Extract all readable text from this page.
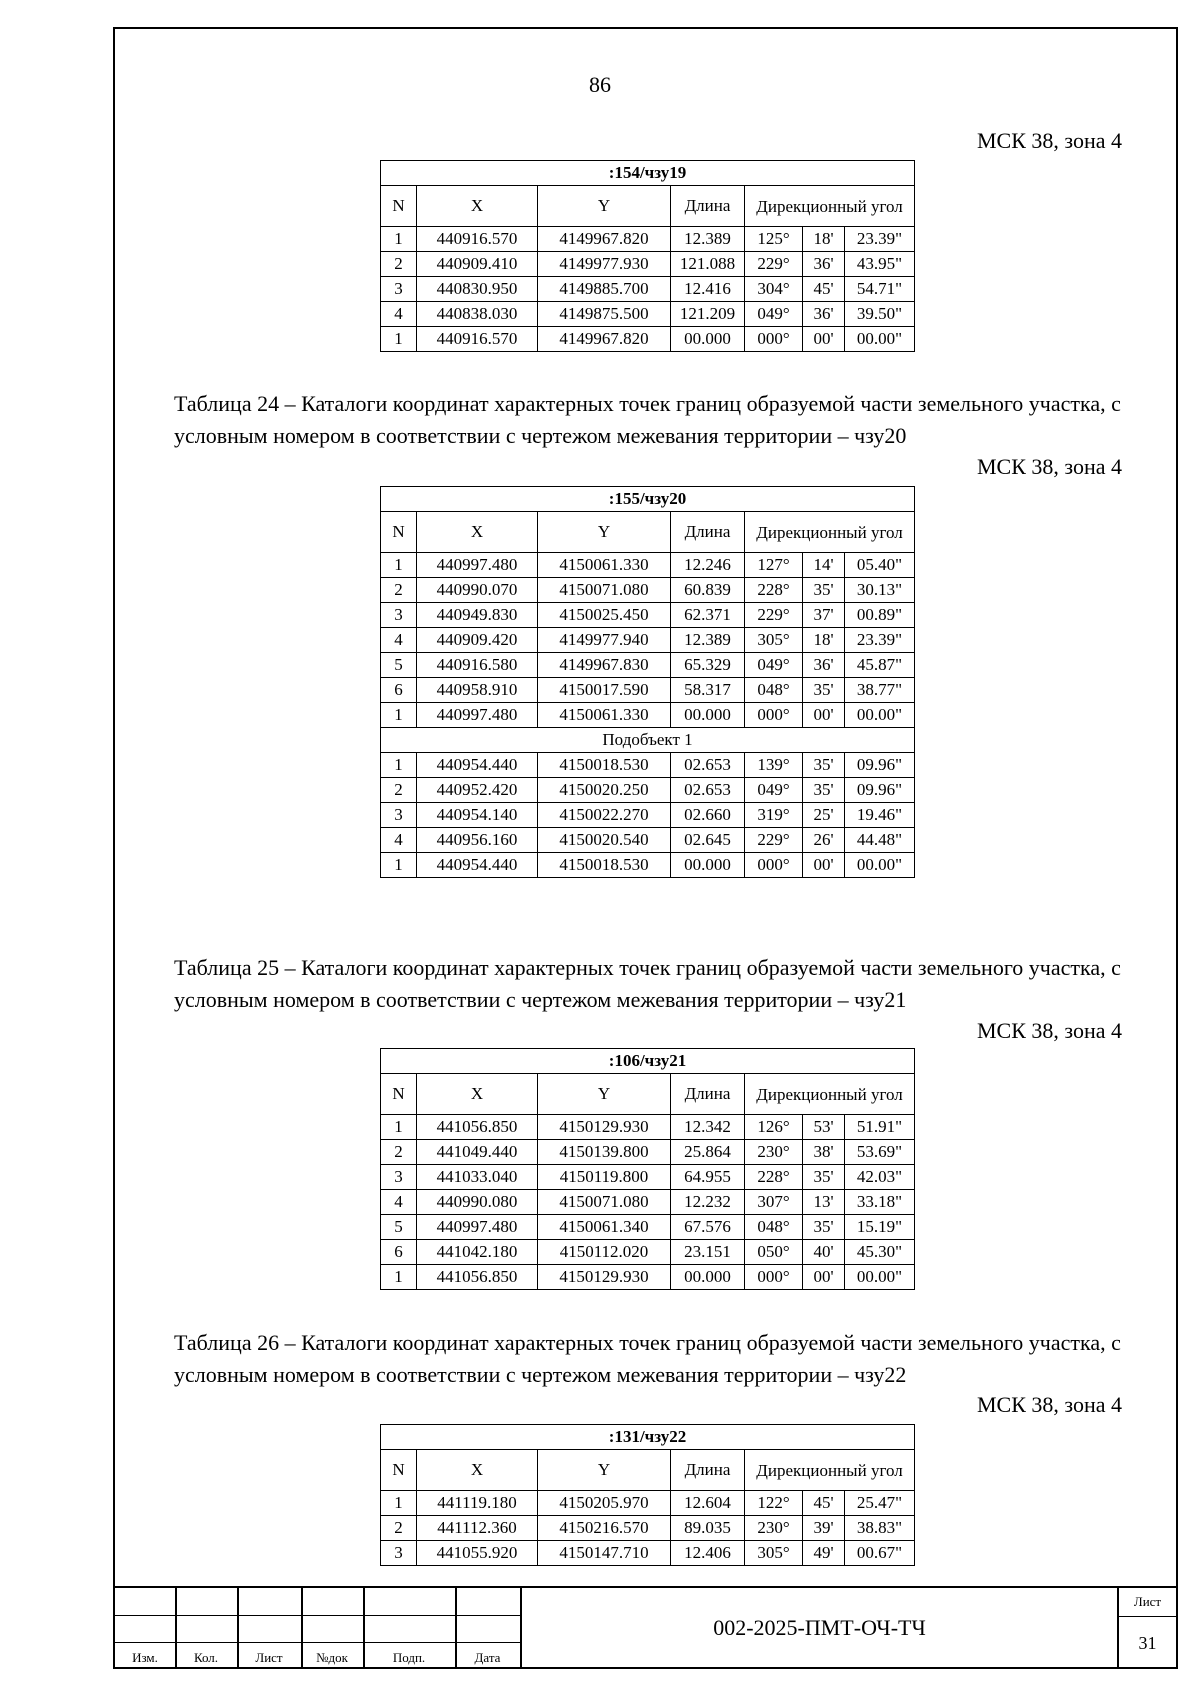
86
МСК 38, зона 4
:154/чзу19						
N	X	Y	Длина	Дирекционный угол		
1	440916.570	4149967.820	12.389	125°	18'	23.39"
2	440909.410	4149977.930	121.088	229°	36'	43.95"
3	440830.950	4149885.700	12.416	304°	45'	54.71"
4	440838.030	4149875.500	121.209	049°	36'	39.50"
1	440916.570	4149967.820	00.000	000°	00'	00.00"
Таблица 24 – Каталоги координат характерных точек границ образуемой части земельного участка, с условным номером в соответствии с чертежом межевания территории – чзу20
МСК 38, зона 4
:155/чзу20						
N	X	Y	Длина	Дирекционный угол		
1	440997.480	4150061.330	12.246	127°	14'	05.40"
2	440990.070	4150071.080	60.839	228°	35'	30.13"
3	440949.830	4150025.450	62.371	229°	37'	00.89"
4	440909.420	4149977.940	12.389	305°	18'	23.39"
5	440916.580	4149967.830	65.329	049°	36'	45.87"
6	440958.910	4150017.590	58.317	048°	35'	38.77"
1	440997.480	4150061.330	00.000	000°	00'	00.00"
Подобъект 1						
1	440954.440	4150018.530	02.653	139°	35'	09.96"
2	440952.420	4150020.250	02.653	049°	35'	09.96"
3	440954.140	4150022.270	02.660	319°	25'	19.46"
4	440956.160	4150020.540	02.645	229°	26'	44.48"
1	440954.440	4150018.530	00.000	000°	00'	00.00"
Таблица 25 – Каталоги координат характерных точек границ образуемой части земельного участка, с условным номером в соответствии с чертежом межевания территории – чзу21
МСК 38, зона 4
:106/чзу21						
N	X	Y	Длина	Дирекционный угол		
1	441056.850	4150129.930	12.342	126°	53'	51.91"
2	441049.440	4150139.800	25.864	230°	38'	53.69"
3	441033.040	4150119.800	64.955	228°	35'	42.03"
4	440990.080	4150071.080	12.232	307°	13'	33.18"
5	440997.480	4150061.340	67.576	048°	35'	15.19"
6	441042.180	4150112.020	23.151	050°	40'	45.30"
1	441056.850	4150129.930	00.000	000°	00'	00.00"
Таблица 26 – Каталоги координат характерных точек границ образуемой части земельного участка, с условным номером в соответствии с чертежом межевания территории – чзу22
МСК 38, зона 4
:131/чзу22						
N	X	Y	Длина	Дирекционный угол		
1	441119.180	4150205.970	12.604	122°	45'	25.47"
2	441112.360	4150216.570	89.035	230°	39'	38.83"
3	441055.920	4150147.710	12.406	305°	49'	00.67"
Изм.	Кол.	Лист	№док	Подп.	Дата
002-2025-ПМТ-ОЧ-ТЧ
Лист
31
